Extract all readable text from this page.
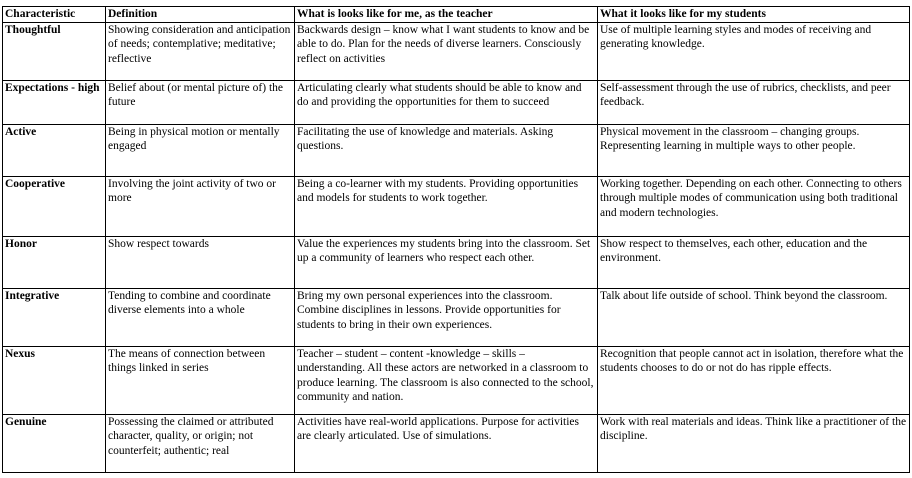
Characteristic	Definition	What is looks like for me, as the teacher	What it looks like for my students
Thoughtful	Showing consideration and anticipation of needs; contemplative; meditative; reflective	Backwards design – know what I want students to know and be able to do. Plan for the needs of diverse learners. Consciously reflect on activities	Use of multiple learning styles and modes of receiving and generating knowledge.
Expectations - high	Belief about (or mental picture of) the future	Articulating clearly what students should be able to know and do and providing the opportunities for them to succeed	Self-assessment through the use of rubrics, checklists, and peer feedback.
Active	Being in physical motion or mentally engaged	Facilitating the use of knowledge and materials. Asking questions.	Physical movement in the classroom – changing groups. Representing learning in multiple ways to other people.
Cooperative	Involving the joint activity of two or more	Being a co-learner with my students. Providing opportunities and models for students to work together.	Working together. Depending on each other. Connecting to others through multiple modes of communication using both traditional and modern technologies.
Honor	Show respect towards	Value the experiences my students bring into the classroom. Set up a community of learners who respect each other.	Show respect to themselves, each other, education and the environment.
Integrative	Tending to combine and coordinate diverse elements into a whole	Bring my own personal experiences into the classroom. Combine disciplines in lessons. Provide opportunities for students to bring in their own experiences.	Talk about life outside of school. Think beyond the classroom.
Nexus	The means of connection between things linked in series	Teacher – student – content -knowledge – skills – understanding. All these actors are networked in a classroom to produce learning. The classroom is also connected to the school, community and nation.	Recognition that people cannot act in isolation, therefore what the students chooses to do or not do has ripple effects.
Genuine	Possessing the claimed or attributed character, quality, or origin; not counterfeit; authentic; real	Activities have real-world applications. Purpose for activities are clearly articulated. Use of simulations.	Work with real materials and ideas. Think like a practitioner of the discipline.
